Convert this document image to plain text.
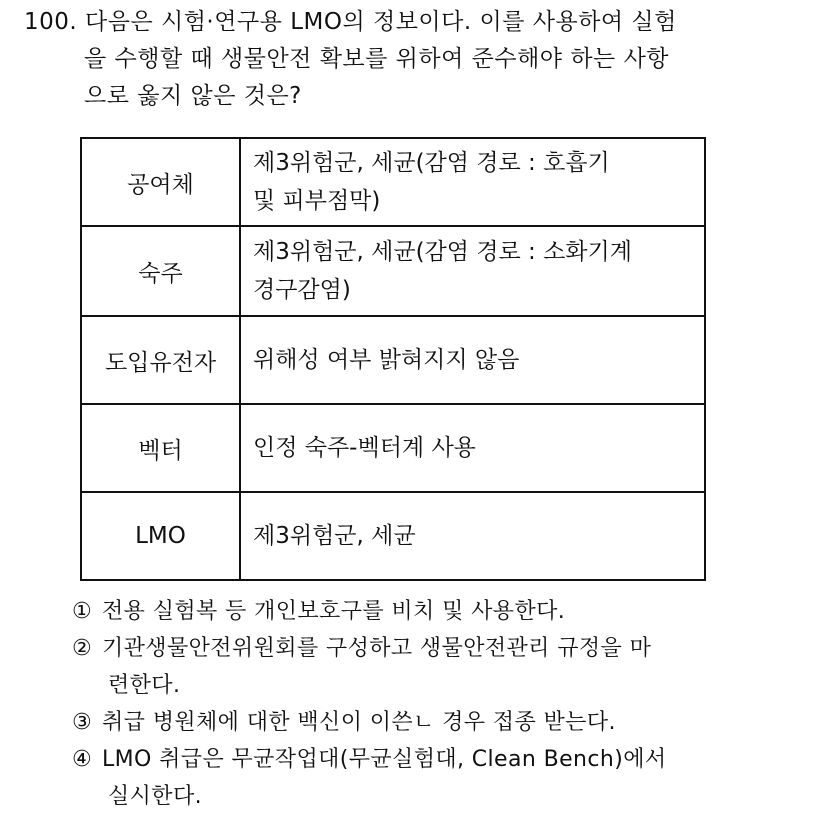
100. 다음은 시험·연구용 LMO의 정보이다. 이를 사용하여 실험
을 수행할 때 생물안전 확보를 위하여 준수해야 하는 사항
으로 옳지 않은 것은?
공여체	제3위험군, 세균(감염 경로 : 호흡기
및 피부점막)

숙주	제3위험군, 세균(감염 경로 : 소화기계
경구감염)

도입유전자	위해성 여부 밝혀지지 않음

벡터	인정 숙주-벡터계 사용

LMO	제3위험군, 세균
① 전용 실험복 등 개인보호구를 비치 및 사용한다.
② 기관생물안전위원회를 구성하고 생물안전관리 규정을 마
련한다.
③ 취급 병원체에 대한 백신이 이쓴ㄴ 경우 접종 받는다.
④ LMO 취급은 무균작업대(무균실험대, Clean Bench)에서
실시한다.
